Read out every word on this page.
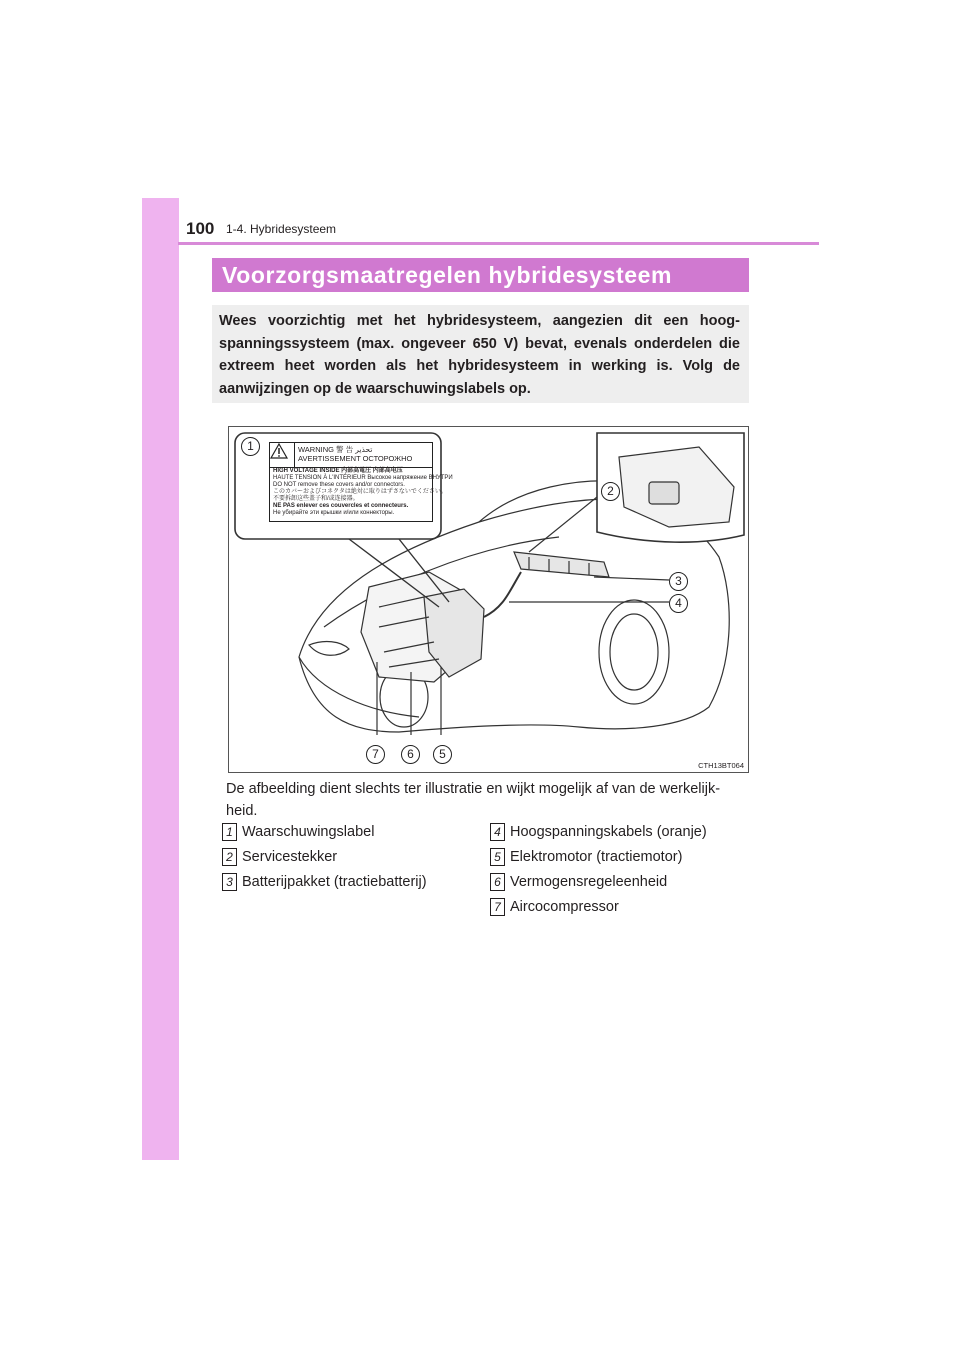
100 1-4. Hybridesysteem
Voorzorgsmaatregelen hybridesysteem
Wees voorzichtig met het hybridesysteem, aangezien dit een hoog-spanningssysteem (max. ongeveer 650 V) bevat, evenals onderdelen die extreem heet worden als het hybridesysteem in werking is. Volg de aanwijzingen op de waarschuwingslabels op.
WARNING 警 告 تحذير
AVERTISSEMENT ОСТОРОЖНО
HIGH VOLTAGE INSIDE 内部高電圧 内部高电压
HAUTE TENSION À L'INTÉRIEUR Высокое напряжение ВНУТРИ
DO NOT remove these covers and/or connectors.
このカバーおよびコネクタは絶対に取りはずさないでください。
不要拆卸这些盖子和/或连接器。
NE PAS enlever ces couvercles et connecteurs.
Не убирайте эти крышки и/или коннекторы.
1
2
3
4
5
6
7
CTH13BT064
De afbeelding dient slechts ter illustratie en wijkt mogelijk af van de werkelijk-heid.
1 Waarschuwingslabel
2 Servicestekker
3 Batterijpakket (tractiebatterij)
4 Hoogspanningskabels (oranje)
5 Elektromotor (tractiemotor)
6 Vermogensregeleenheid
7 Aircocompressor
